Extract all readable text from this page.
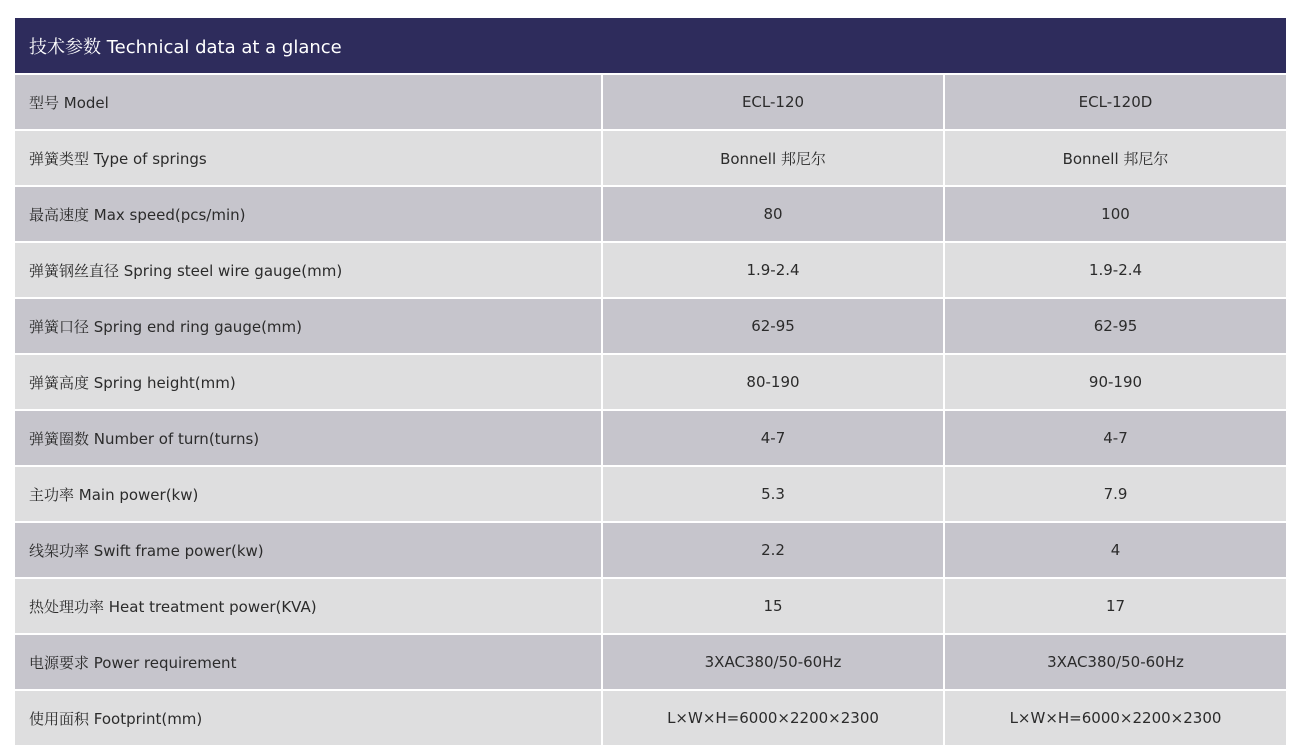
技术参数 Technical data at a glance
型号 Model	ECL-120	ECL-120D
弹簧类型 Type of springs	Bonnell 邦尼尔	Bonnell 邦尼尔
最高速度 Max speed(pcs/min)	80	100
弹簧钢丝直径 Spring steel wire gauge(mm)	1.9-2.4	1.9-2.4
弹簧口径 Spring end ring gauge(mm)	62-95	62-95
弹簧高度 Spring height(mm)	80-190	90-190
弹簧圈数 Number of turn(turns)	4-7	4-7
主功率 Main power(kw)	5.3	7.9
线架功率 Swift frame power(kw)	2.2	4
热处理功率 Heat treatment power(KVA)	15	17
电源要求 Power requirement	3XAC380/50-60Hz	3XAC380/50-60Hz
使用面积 Footprint(mm)	L×W×H=6000×2200×2300	L×W×H=6000×2200×2300
